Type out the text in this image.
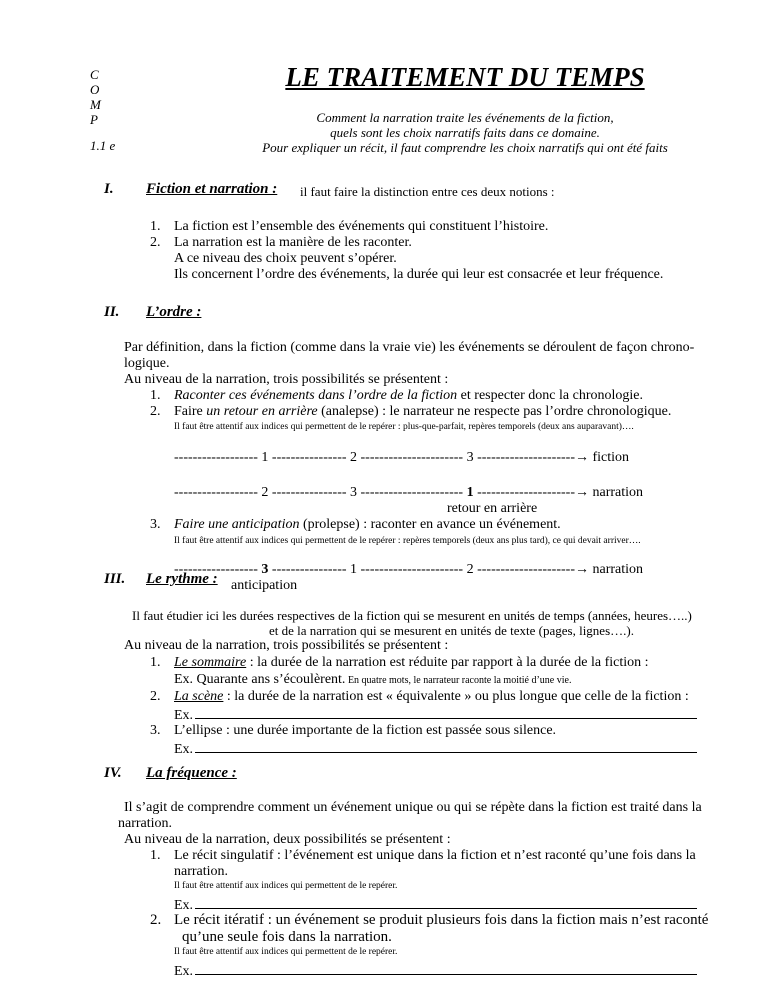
C
O
M
P
1.1 e
LE TRAITEMENT DU TEMPS
Comment la narration traite les événements de la fiction,
quels sont les choix narratifs faits dans ce domaine.
Pour expliquer un récit, il faut comprendre les choix narratifs qui ont été faits
I. Fiction et narration : il faut faire la distinction entre ces deux notions :
1. La fiction est l’ensemble des événements qui constituent l’histoire.
2. La narration est la manière de les raconter.
A ce niveau des choix peuvent s’opérer.
Ils concernent l’ordre des événements, la durée qui leur est consacrée et leur fréquence.
II. L’ordre :
Par définition, dans la fiction (comme dans la vraie vie) les événements se déroulent de façon chrono-
logique.
Au niveau de la narration, trois possibilités se présentent :
1. Raconter ces événements dans l’ordre de la fiction et respecter donc la chronologie.
2. Faire un retour en arrière (analepse) : le narrateur ne respecte pas l’ordre chronologique.
Il faut être attentif aux indices qui permettent de le repérer : plus-que-parfait, repères temporels (deux ans auparavant)….
------------------ 1 ---------------- 2 ---------------------- 3 ---------------------→ fiction
------------------ 2 ---------------- 3 ---------------------- 1 ---------------------→ narration
retour en arrière
3. Faire une anticipation (prolepse) : raconter en avance un événement.
Il faut être attentif aux indices qui permettent de le repérer : repères temporels (deux ans plus tard), ce qui devait arriver….
------------------ 3 ---------------- 1 ---------------------- 2 ---------------------→ narration
anticipation
III. Le rythme :
Il faut étudier ici les durées respectives de la fiction qui se mesurent en unités de temps (années, heures…..)
et de la narration qui se mesurent en unités de texte (pages, lignes….).
Au niveau de la narration, trois possibilités se présentent :
1. Le sommaire : la durée de la narration est réduite par rapport à la durée de la fiction :
Ex. Quarante ans s’écoulèrent. En quatre mots, le narrateur raconte la moitié d’une vie.
2. La scène : la durée de la narration est « équivalente » ou plus longue que celle de la fiction :
Ex.
3. L’ellipse : une durée importante de la fiction est passée sous silence.
Ex.
IV. La fréquence :
Il s’agit de comprendre comment un événement unique ou qui se répète dans la fiction est traité dans la
narration.
Au niveau de la narration, deux possibilités se présentent :
1. Le récit singulatif : l’événement est unique dans la fiction et n’est raconté qu’une fois dans la
narration.
Il faut être attentif aux indices qui permettent de le repérer.
Ex.
2. Le récit itératif : un événement se produit plusieurs fois dans la fiction mais n’est raconté
qu’une seule fois dans la narration.
Il faut être attentif aux indices qui permettent de le repérer.
Ex.
